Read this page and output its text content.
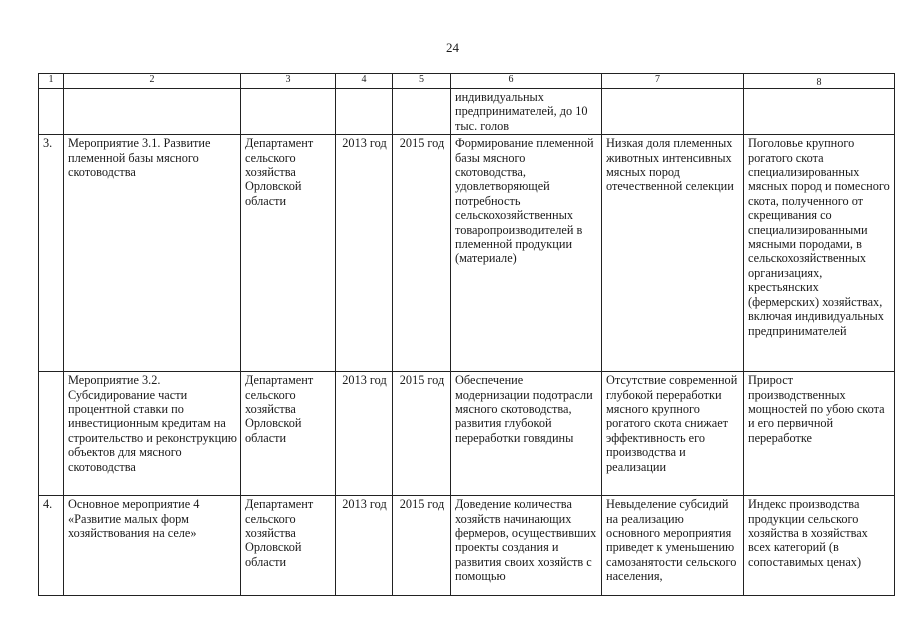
24
1	2	3	4	5	6	7	8
					индивидуальных предпринимателей, до 10 тыс. голов		
3.	Мероприятие 3.1. Развитие племенной базы мясного скотоводства	Департамент сельского хозяйства Орловской области	2013 год	2015 год	Формирование племенной базы мясного скотоводства, удовлетворяющей потребность сельскохозяйственных товаропроизводителей в племенной продукции (материале)	Низкая доля племенных животных интенсивных мясных пород отечественной селекции	Поголовье крупного рогатого скота специализированных мясных пород и помесного скота, полученного от скрещивания со специализированными мясными породами, в сельскохозяйственных организациях, крестьянских (фермерских) хозяйствах, включая индивидуальных предпринимателей
	Мероприятие 3.2. Субсидирование части процентной ставки по инвестиционным кредитам на строительство и реконструкцию объектов для мясного скотоводства	Департамент сельского хозяйства Орловской области	2013 год	2015 год	Обеспечение модернизации подотрасли мясного скотоводства, развития глубокой переработки говядины	Отсутствие современной глубокой переработки мясного крупного рогатого скота снижает эффективность его производства и реализации	Прирост производственных мощностей по убою скота и его первичной переработке
4.	Основное мероприятие 4 «Развитие малых форм хозяйствования на селе»	Департамент сельского хозяйства Орловской области	2013 год	2015 год	Доведение количества хозяйств начинающих фермеров, осуществивших проекты создания и развития своих хозяйств с помощью	Невыделение субсидий на реализацию основного мероприятия приведет к уменьшению самозанятости сельского населения,	Индекс производства продукции сельского хозяйства в хозяйствах всех категорий (в сопоставимых ценах)
